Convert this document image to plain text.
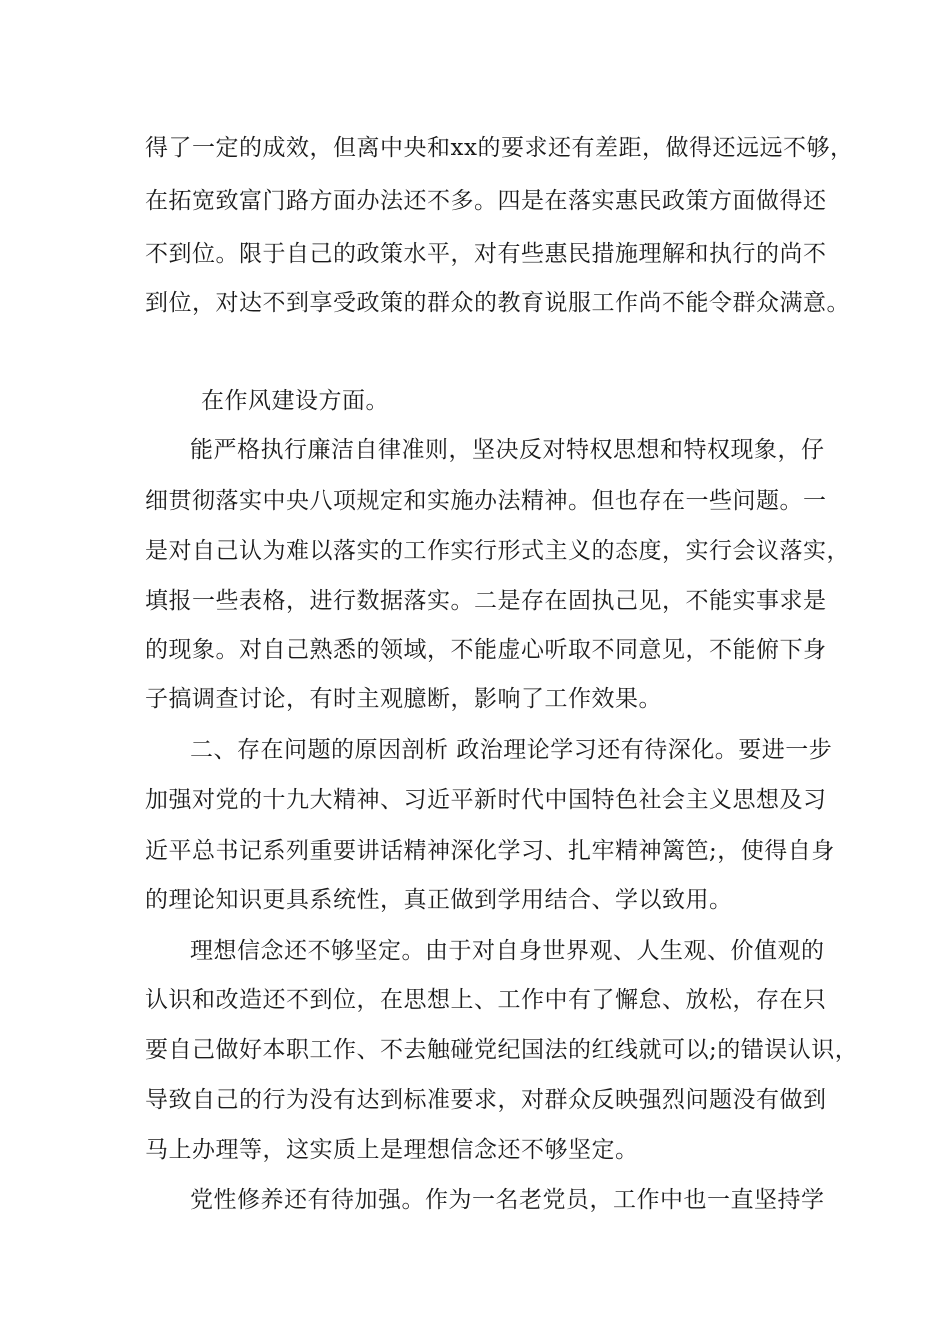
得了一定的成效，但离中央和xx的要求还有差距，做得还远远不够，
在拓宽致富门路方面办法还不多。四是在落实惠民政策方面做得还
不到位。限于自己的政策水平，对有些惠民措施理解和执行的尚不
到位，对达不到享受政策的群众的教育说服工作尚不能令群众满意。
在作风建设方面。
能严格执行廉洁自律准则，坚决反对特权思想和特权现象，仔
细贯彻落实中央八项规定和实施办法精神。但也存在一些问题。一
是对自己认为难以落实的工作实行形式主义的态度，实行会议落实，
填报一些表格，进行数据落实。二是存在固执己见，不能实事求是
的现象。对自己熟悉的领域，不能虚心听取不同意见，不能俯下身
子搞调查讨论，有时主观臆断，影响了工作效果。
二、存在问题的原因剖析 政治理论学习还有待深化。要进一步
加强对党的十九大精神、习近平新时代中国特色社会主义思想及习
近平总书记系列重要讲话精神深化学习、扎牢精神篱笆;，使得自身
的理论知识更具系统性，真正做到学用结合、学以致用。
理想信念还不够坚定。由于对自身世界观、人生观、价值观的
认识和改造还不到位，在思想上、工作中有了懈怠、放松，存在只
要自己做好本职工作、不去触碰党纪国法的红线就可以;的错误认识，
导致自己的行为没有达到标准要求，对群众反映强烈问题没有做到
马上办理等，这实质上是理想信念还不够坚定。
党性修养还有待加强。作为一名老党员，工作中也一直坚持学
